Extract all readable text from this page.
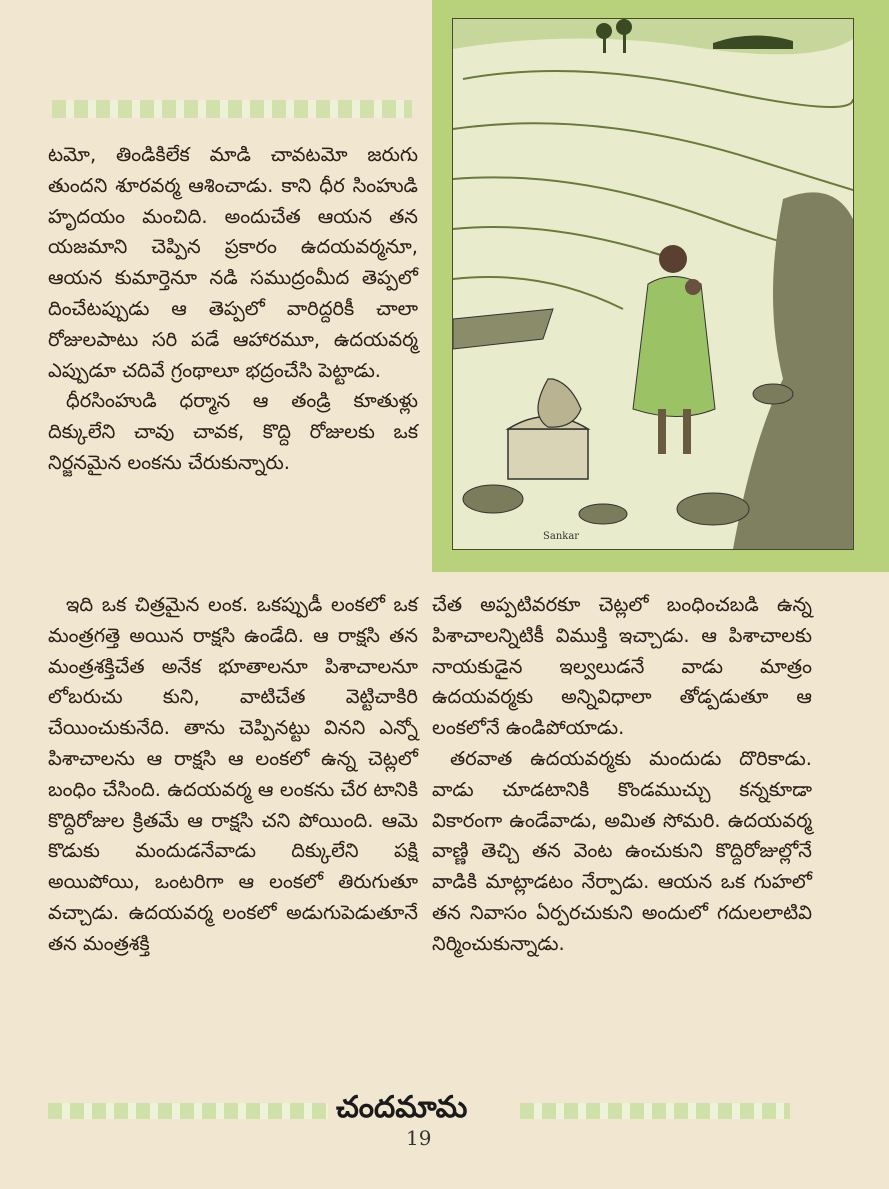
టమో, తిండికిలేక మాడి చావటమో జరుగు తుందని శూరవర్మ ఆశించాడు. కాని ధీర సింహుడి హృదయం మంచిది. అందుచేత ఆయన తన యజమాని చెప్పిన ప్రకారం ఉదయవర్మనూ, ఆయన కుమార్తెనూ నడి సముద్రంమీద తెప్పలో దించేటప్పుడు ఆ తెప్పలో వారిద్దరికీ చాలా రోజులపాటు సరి పడే ఆహారమూ, ఉదయవర్మ ఎప్పుడూ చదివే గ్రంథాలూ భద్రంచేసి పెట్టాడు.

ధీరసింహుడి ధర్మాన ఆ తండ్రి కూతుళ్లు దిక్కులేని చావు చావక, కొద్ది రోజులకు ఒక నిర్జనమైన లంకను చేరుకున్నారు.

ఇది ఒక చిత్రమైన లంక. ఒకప్పుడీ లంకలో ఒక మంత్రగత్తె అయిన రాక్షసి ఉండేది. ఆ రాక్షసి తన మంత్రశక్తిచేత అనేక భూతాలనూ పిశాచాలనూ లోబరుచు కుని, వాటిచేత వెట్టిచాకిరి చేయించుకునేది. తాను చెప్పినట్టు వినని ఎన్నో పిశాచాలను ఆ రాక్షసి ఆ లంకలో ఉన్న చెట్లలో బంధిం చేసింది. ఉదయవర్మ ఆ లంకను చేర టానికి కొద్దిరోజుల క్రితమే ఆ రాక్షసి చని పోయింది. ఆమె కొడుకు మందుడనేవాడు దిక్కులేని పక్షి అయిపోయి, ఒంటరిగా ఆ లంకలో తిరుగుతూ వచ్చాడు. ఉదయవర్మ లంకలో అడుగుపెడుతూనే తన మంత్రశక్తి

Sankar

చేత అప్పటివరకూ చెట్లలో బంధించబడి ఉన్న పిశాచాలన్నిటికీ విముక్తి ఇచ్చాడు. ఆ పిశాచాలకు నాయకుడైన ఇల్వలుడనే వాడు మాత్రం ఉదయవర్మకు అన్నివిధాలా తోడ్పడుతూ ఆ లంకలోనే ఉండిపోయాడు.

తరవాత ఉదయవర్మకు మందుడు దొరికాడు. వాడు చూడటానికి కొండముచ్చు కన్నకూడా వికారంగా ఉండేవాడు, అమిత సోమరి. ఉదయవర్మ వాణ్ణి తెచ్చి తన వెంట ఉంచుకుని కొద్దిరోజుల్లోనే వాడికి మాట్లాడటం నేర్పాడు. ఆయన ఒక గుహలో తన నివాసం ఏర్పరచుకుని అందులో గదులలాటివి నిర్మించుకున్నాడు.

చందమామ
19
